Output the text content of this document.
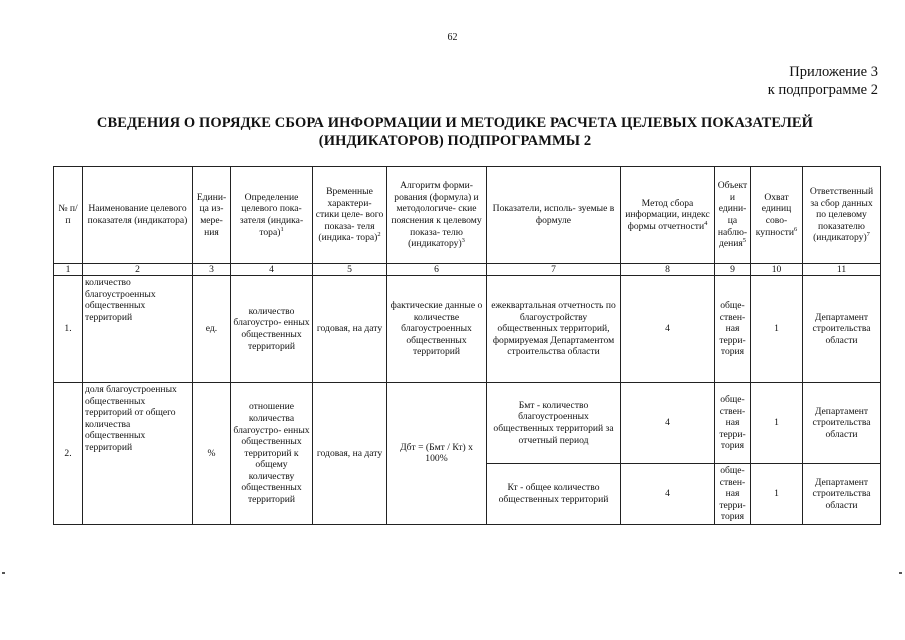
62
Приложение 3
к подпрограмме 2
СВЕДЕНИЯ О ПОРЯДКЕ СБОРА ИНФОРМАЦИИ И МЕТОДИКЕ РАСЧЕТА ЦЕЛЕВЫХ ПОКАЗАТЕЛЕЙ
(ИНДИКАТОРОВ) ПОДПРОГРАММЫ 2
№ п/п	Наименование целевого показателя (индикатора)	Едини- ца из- мере- ния	Определение целевого пока- зателя (индика- тора)$^1$	Временные характери- стики целе- вого показа- теля (индика- тора)$^2$	Алгоритм форми- рования (формула) и методологиче- ские пояснения к целевому показа- телю (индикатору)$^3$	Показатели, исполь- зуемые в формуле	Метод сбора информации, индекс формы отчетности$^4$	Объект и едини- ца наблю- дения$^5$	Охват единиц сово- купности$^6$	Ответственный за сбор данных по целевому показателю (индикатору)$^7$
1	2	3	4	5	6	7	8	9	10	11
1.	количество благоустроенных общественных территорий	ед.	количество благоустро- енных общественных территорий	годовая, на дату	фактические данные о количестве благоустроенных общественных территорий	ежеквартальная отчетность по благоустройству общественных территорий, формируемая Департаментом строительства области	4	обще- ствен- ная терри- тория	1	Департамент строительства области
2.	доля благоустроенных общественных территорий от общего количества общественных территорий	%	отношение количества благоустро- енных общественных территорий к общему количеству общественных территорий	годовая, на дату	Дбт = (Бмт / Кт) х 100%	Бмт - количество благоустроенных общественных территорий за отчетный период	4	обще- ствен- ная терри- тория	1	Департамент строительства области
						Кт - общее количество общественных территорий	4	обще- ствен- ная терри- тория	1	Департамент строительства области
